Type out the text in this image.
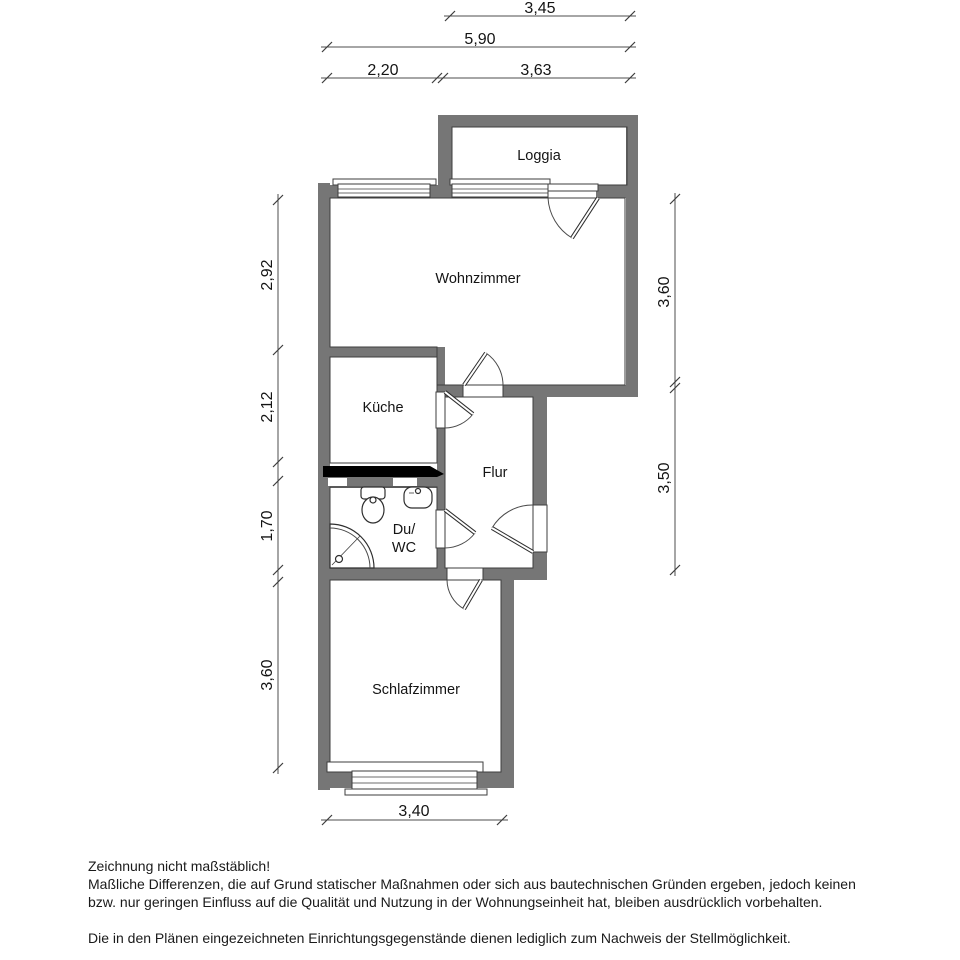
Loggia
Wohnzimmer
Küche
Flur
Du/
WC
Schlafzimmer
3,45
5,90
2,20	3,63
2,92
2,12
1,70
3,60
3,60
3,50
3,40

Zeichnung nicht maßstäblich!

Maßliche Differenzen, die auf Grund statischer Maßnahmen oder sich aus bautechnischen Gründen ergeben, jedoch keinen

bzw. nur geringen Einfluss auf die Qualität und Nutzung in der Wohnungseinheit hat, bleiben ausdrücklich vorbehalten.

Die in den Plänen eingezeichneten Einrichtungsgegenstände dienen lediglich zum Nachweis der Stellmöglichkeit.
